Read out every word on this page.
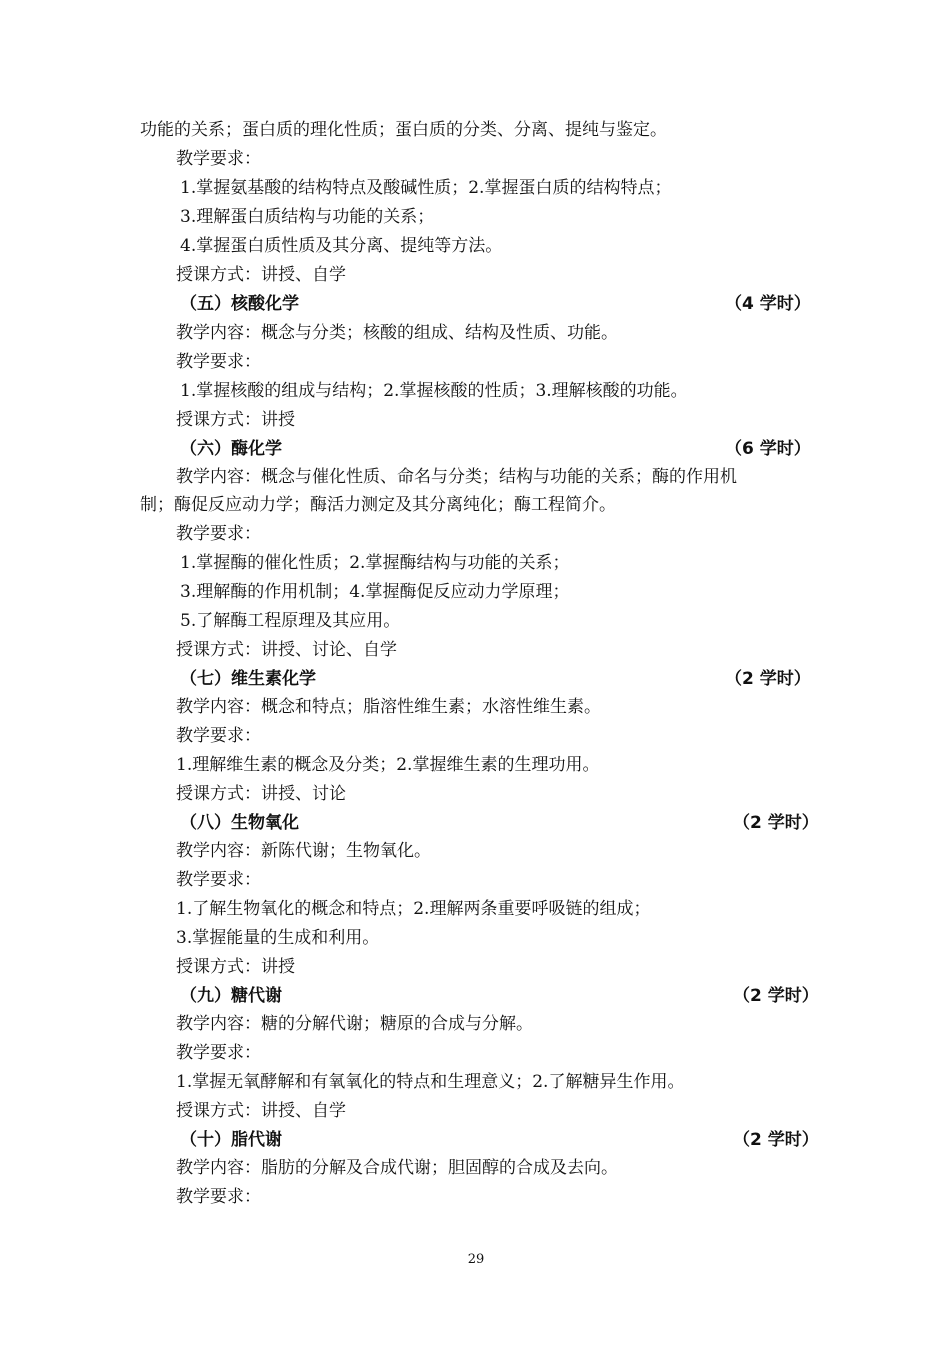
功能的关系；蛋白质的理化性质；蛋白质的分类、分离、提纯与鉴定。
教学要求：
1.掌握氨基酸的结构特点及酸碱性质；2.掌握蛋白质的结构特点；
3.理解蛋白质结构与功能的关系；
4.掌握蛋白质性质及其分离、提纯等方法。
授课方式：讲授、自学
（五）核酸化学	（4 学时）
教学内容：概念与分类；核酸的组成、结构及性质、功能。
教学要求：
1.掌握核酸的组成与结构；2.掌握核酸的性质；3.理解核酸的功能。
授课方式：讲授
（六）酶化学	（6 学时）
教学内容：概念与催化性质、命名与分类；结构与功能的关系；酶的作用机
制；酶促反应动力学；酶活力测定及其分离纯化；酶工程简介。
教学要求：
1.掌握酶的催化性质；2.掌握酶结构与功能的关系；
3.理解酶的作用机制；4.掌握酶促反应动力学原理；
5.了解酶工程原理及其应用。
授课方式：讲授、讨论、自学
（七）维生素化学	（2 学时）
教学内容：概念和特点；脂溶性维生素；水溶性维生素。
教学要求：
1.理解维生素的概念及分类；2.掌握维生素的生理功用。
授课方式：讲授、讨论
（八）生物氧化	（2 学时）
教学内容：新陈代谢；生物氧化。
教学要求：
1.了解生物氧化的概念和特点；2.理解两条重要呼吸链的组成；
3.掌握能量的生成和利用。
授课方式：讲授
（九）糖代谢	（2 学时）
教学内容：糖的分解代谢；糖原的合成与分解。
教学要求：
1.掌握无氧酵解和有氧氧化的特点和生理意义；2.了解糖异生作用。
授课方式：讲授、自学
（十）脂代谢	（2 学时）
教学内容：脂肪的分解及合成代谢；胆固醇的合成及去向。
教学要求：
29
